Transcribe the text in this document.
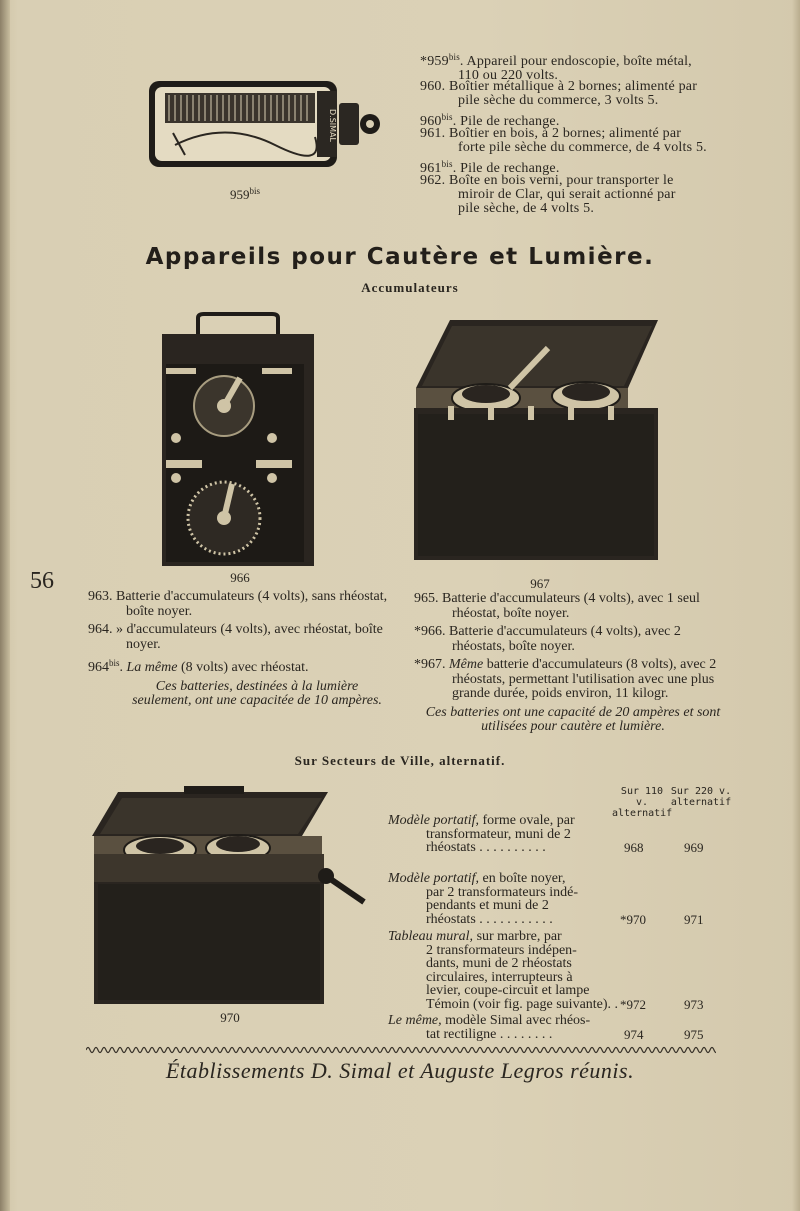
D.SIMAL
$959^{bis}$
$*959^{bis}$. Appareil pour endoscopie, boîte métal,
110 ou 220 volts.
960. Boîtier métallique à 2 bornes; alimenté par
pile sèche du commerce, 3 volts 5.
$960^{bis}$. Pile de rechange.
961. Boîtier en bois, à 2 bornes; alimenté par
forte pile sèche du commerce, de 4 volts 5.
$961^{bis}$. Pile de rechange.
962. Boîte en bois verni, pour transporter le
miroir de Clar, qui serait actionné par
pile sèche, de 4 volts 5.
Appareils pour Cautère et Lumière.
Accumulateurs
966	967
56

963. Batterie d'accumulateurs (4 volts), sans rhéostat, boîte noyer.

964. » d'accumulateurs (4 volts), avec rhéostat, boîte noyer.

$964^{bis}$. La même (8 volts) avec rhéostat.

Ces batteries, destinées à la lumière seulement, ont une capacitée de 10 ampères.

965. Batterie d'accumulateurs (4 volts), avec 1 seul rhéostat, boîte noyer.

*966. Batterie d'accumulateurs (4 volts), avec 2 rhéostats, boîte noyer.

*967. Même batterie d'accumulateurs (8 volts), avec 2 rhéostats, permettant l'utilisation avec une plus grande durée, poids environ, 11 kilogr.

Ces batteries ont une capacité de 20 ampères et sont utilisées pour cautère et lumière.

Sur Secteurs de Ville, alternatif.
Sur 110 v.
alternatif
Sur 220 v.
alternatif
970
Modèle portatif, forme ovale, par
transformateur, muni de 2
rhéostats . . . . . . . . . .	968	969
Modèle portatif, en boîte noyer,
par 2 transformateurs indé-
pendants et muni de 2
rhéostats . . . . . . . . . . .	*970	971
Tableau mural, sur marbre, par
2 transformateurs indépen-
dants, muni de 2 rhéostats
circulaires, interrupteurs à
levier, coupe-circuit et lampe
Témoin (voir fig. page suivante). . *972	973
Le même, modèle Simal avec rhéos-
tat rectiligne . . . . . . . .	974	975
Établissements D. Simal et Auguste Legros réunis.
